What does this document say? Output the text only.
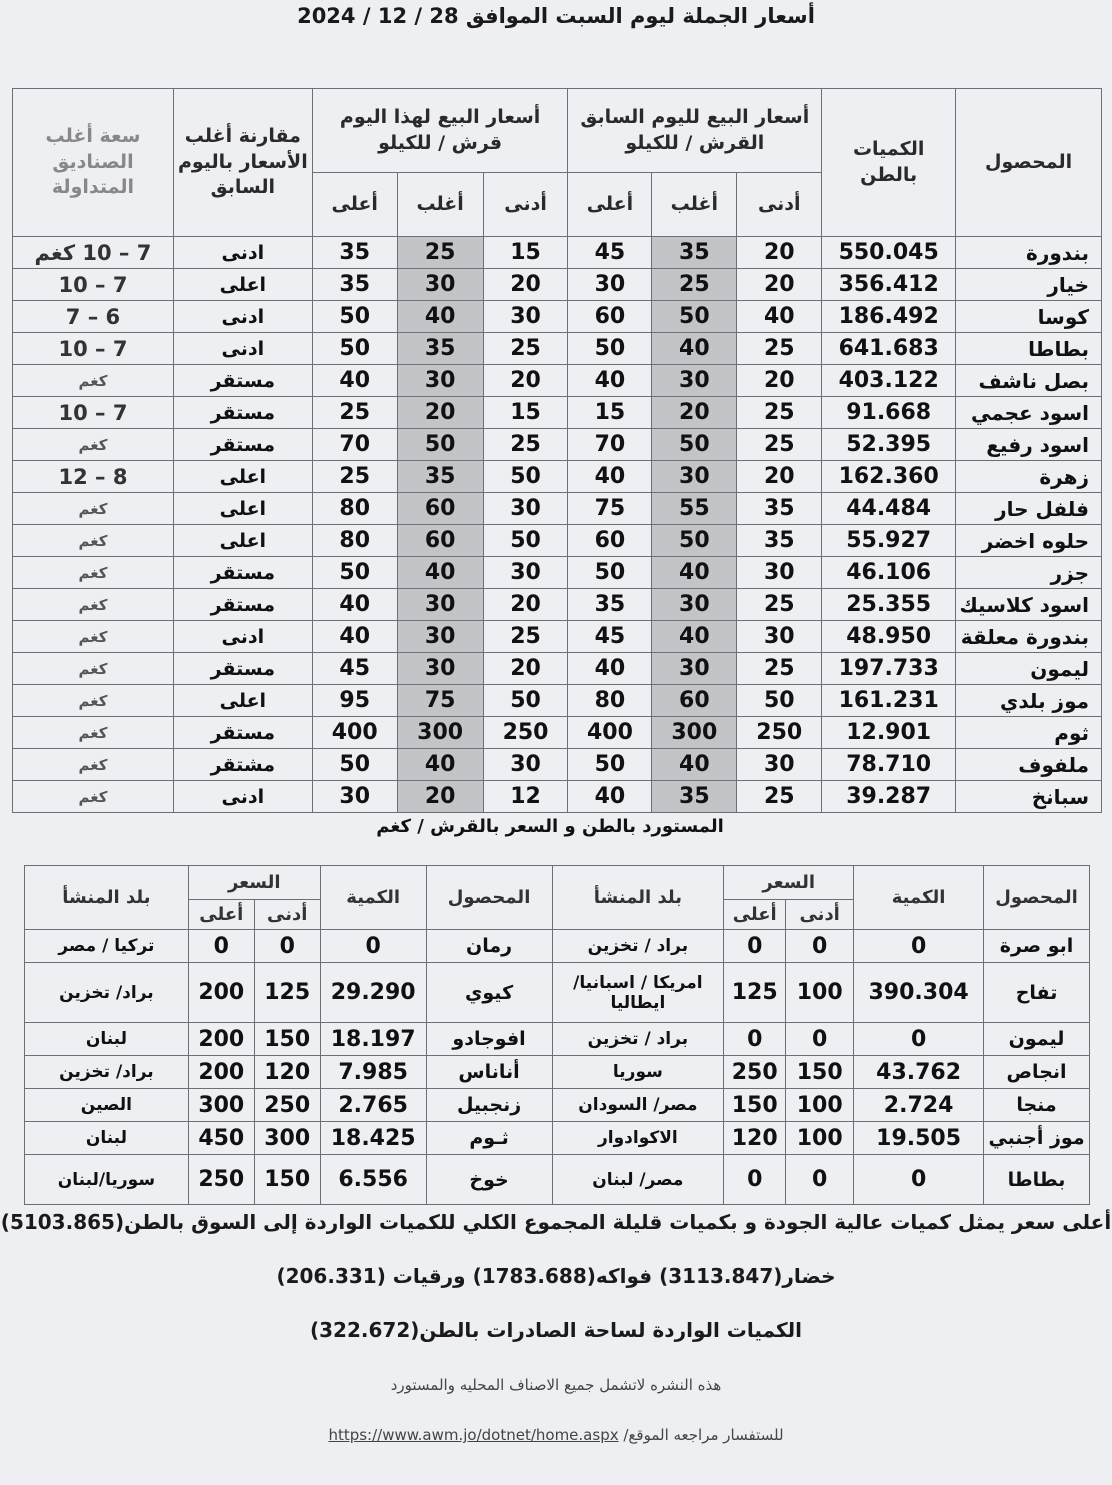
أسعار الجملة ليوم السبت الموافق 28 / 12 / 2024
المحصول	الكميات بالطن	أسعار البيع لليوم السابق القرش / للكيلو			أسعار البيع لهذا اليوم قرش / للكيلو			مقارنة أغلب الأسعار باليوم السابق	سعة أغلب الصناديق المتداولة
		أدنى	أغلب	أعلى	أدنى	أغلب	أعلى		
بندورة	550.045	20	35	45	15	25	35	ادنى	7 – 10 كغم
خيار	356.412	20	25	30	20	30	35	اعلى	7 – 10
كوسا	186.492	40	50	60	30	40	50	ادنى	6 – 7
بطاطا	641.683	25	40	50	25	35	50	ادنى	7 – 10
بصل ناشف	403.122	20	30	40	20	30	40	مستقر	كغم
اسود عجمي	91.668	25	20	15	15	20	25	مستقر	7 – 10
اسود رفيع	52.395	25	50	70	25	50	70	مستقر	كغم
زهرة	162.360	20	30	40	50	35	25	اعلى	8 – 12
فلفل حار	44.484	35	55	75	30	60	80	اعلى	كغم
حلوه اخضر	55.927	35	50	60	50	60	80	اعلى	كغم
جزر	46.106	30	40	50	30	40	50	مستقر	كغم
اسود كلاسيك	25.355	25	30	35	20	30	40	مستقر	كغم
بندورة معلقة	48.950	30	40	45	25	30	40	ادنى	كغم
ليمون	197.733	25	30	40	20	30	45	مستقر	كغم
موز بلدي	161.231	50	60	80	50	75	95	اعلى	كغم
ثوم	12.901	250	300	400	250	300	400	مستقر	كغم
ملفوف	78.710	30	40	50	30	40	50	مشتقر	كغم
سبانخ	39.287	25	35	40	12	20	30	ادنى	كغم
المستورد بالطن و السعر بالقرش / كغم
المحصول	الكمية	السعر		بلد المنشأ	المحصول	الكمية	السعر		بلد المنشأ
		أدنى	أعلى				أدنى	أعلى	
ابو صرة	0	0	0	براد / تخزين	رمان	0	0	0	تركيا / مصر
تفاح	390.304	100	125	امريكا / اسبانيا/ايطاليا	كيوي	29.290	125	200	براد/ تخزين
ليمون	0	0	0	براد / تخزين	افوجادو	18.197	150	200	لبنان
انجاص	43.762	150	250	سوريا	أناناس	7.985	120	200	براد/ تخزين
منجا	2.724	100	150	مصر/ السودان	زنجبيل	2.765	250	300	الصين
موز أجنبي	19.505	100	120	الاكوادوار	ثـوم	18.425	300	450	لبنان
بطاطا	0	0	0	مصر/ لبنان	خوخ	6.556	150	250	سوريا/لبنان
أعلى سعر يمثل كميات عالية الجودة و بكميات قليلة المجموع الكلي للكميات الواردة إلى السوق بالطن(5103.865)
خضار(3113.847) فواكه(1783.688) ورقيات (206.331)
الكميات الواردة لساحة الصادرات بالطن(322.672)
هذه النشره لاتشمل جميع الاصناف المحليه والمستورد
للستفسار مراجعه الموقع/ https://www.awm.jo/dotnet/home.aspx
